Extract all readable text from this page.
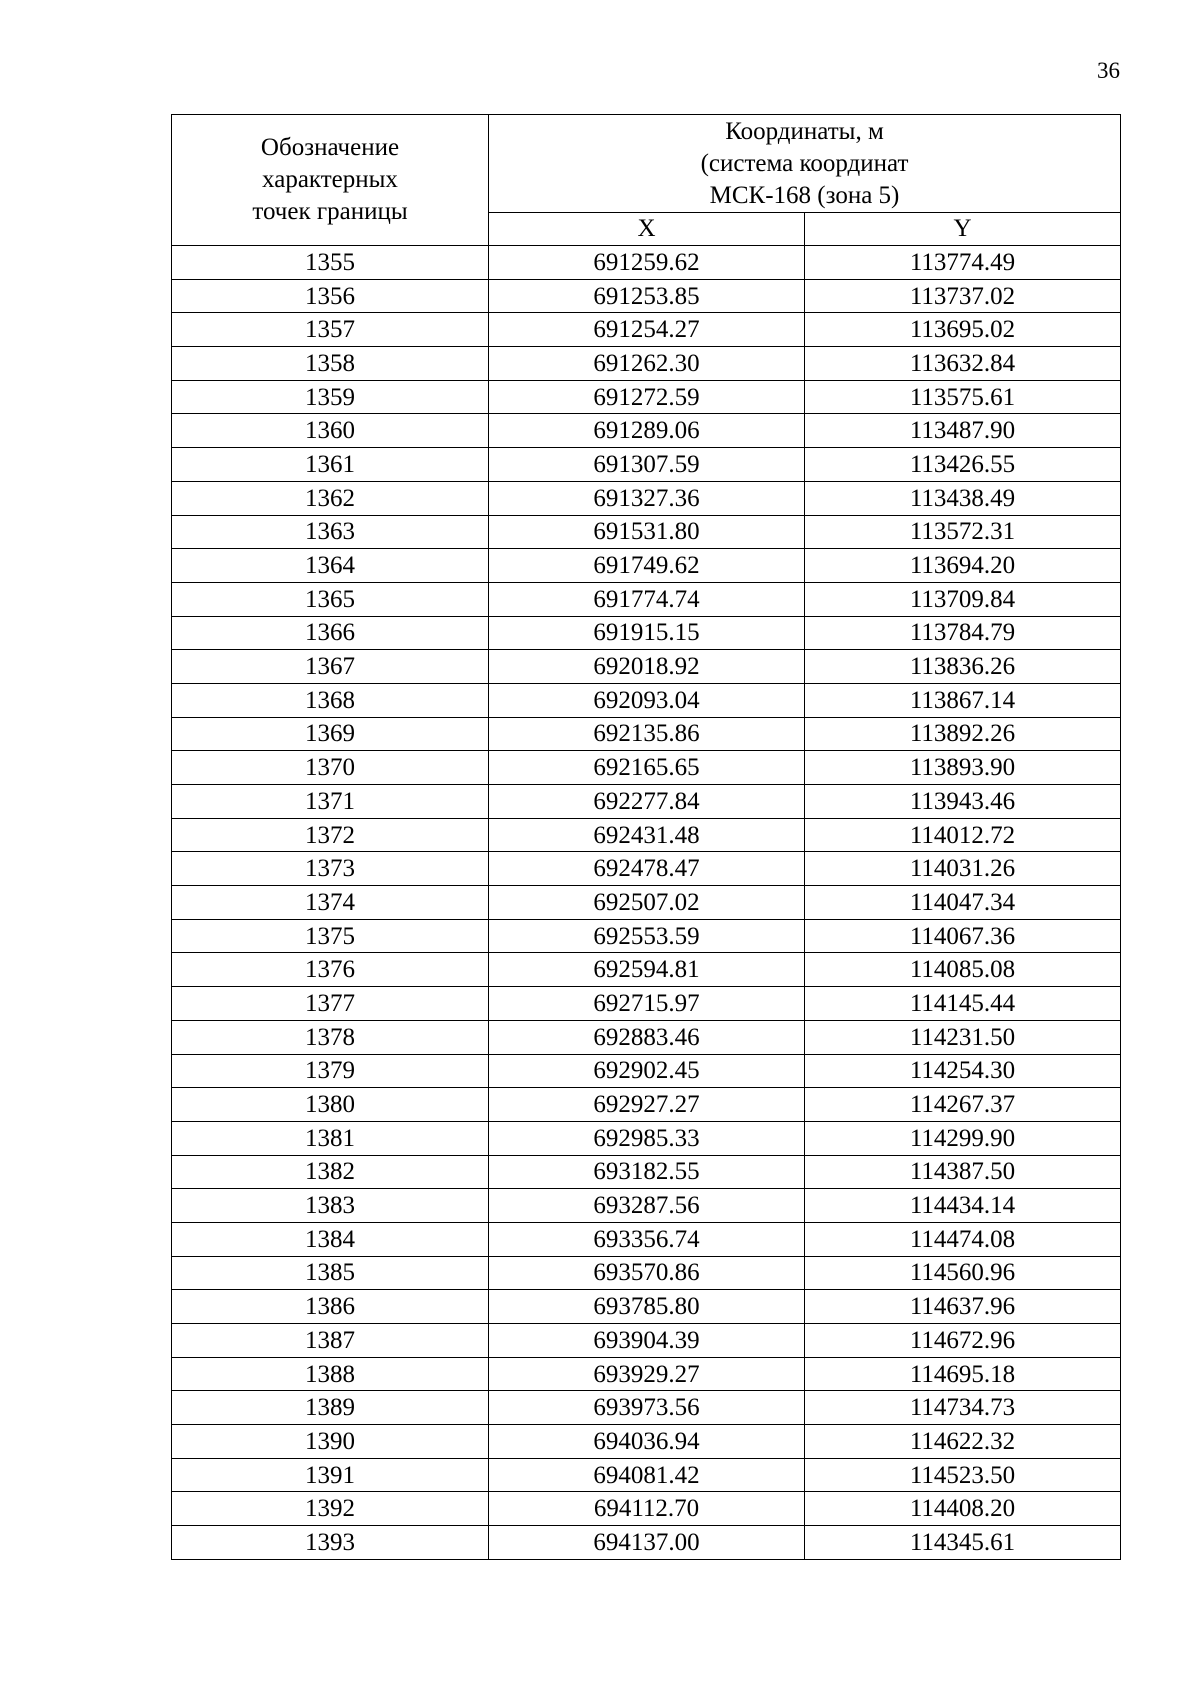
36
Обозначение
характерных
точек границы	Координаты, м
(система координат
МСК-168 (зона 5)	

	X	Y
1355	691259.62	113774.49
1356	691253.85	113737.02
1357	691254.27	113695.02
1358	691262.30	113632.84
1359	691272.59	113575.61
1360	691289.06	113487.90
1361	691307.59	113426.55
1362	691327.36	113438.49
1363	691531.80	113572.31
1364	691749.62	113694.20
1365	691774.74	113709.84
1366	691915.15	113784.79
1367	692018.92	113836.26
1368	692093.04	113867.14
1369	692135.86	113892.26
1370	692165.65	113893.90
1371	692277.84	113943.46
1372	692431.48	114012.72
1373	692478.47	114031.26
1374	692507.02	114047.34
1375	692553.59	114067.36
1376	692594.81	114085.08
1377	692715.97	114145.44
1378	692883.46	114231.50
1379	692902.45	114254.30
1380	692927.27	114267.37
1381	692985.33	114299.90
1382	693182.55	114387.50
1383	693287.56	114434.14
1384	693356.74	114474.08
1385	693570.86	114560.96
1386	693785.80	114637.96
1387	693904.39	114672.96
1388	693929.27	114695.18
1389	693973.56	114734.73
1390	694036.94	114622.32
1391	694081.42	114523.50
1392	694112.70	114408.20
1393	694137.00	114345.61
